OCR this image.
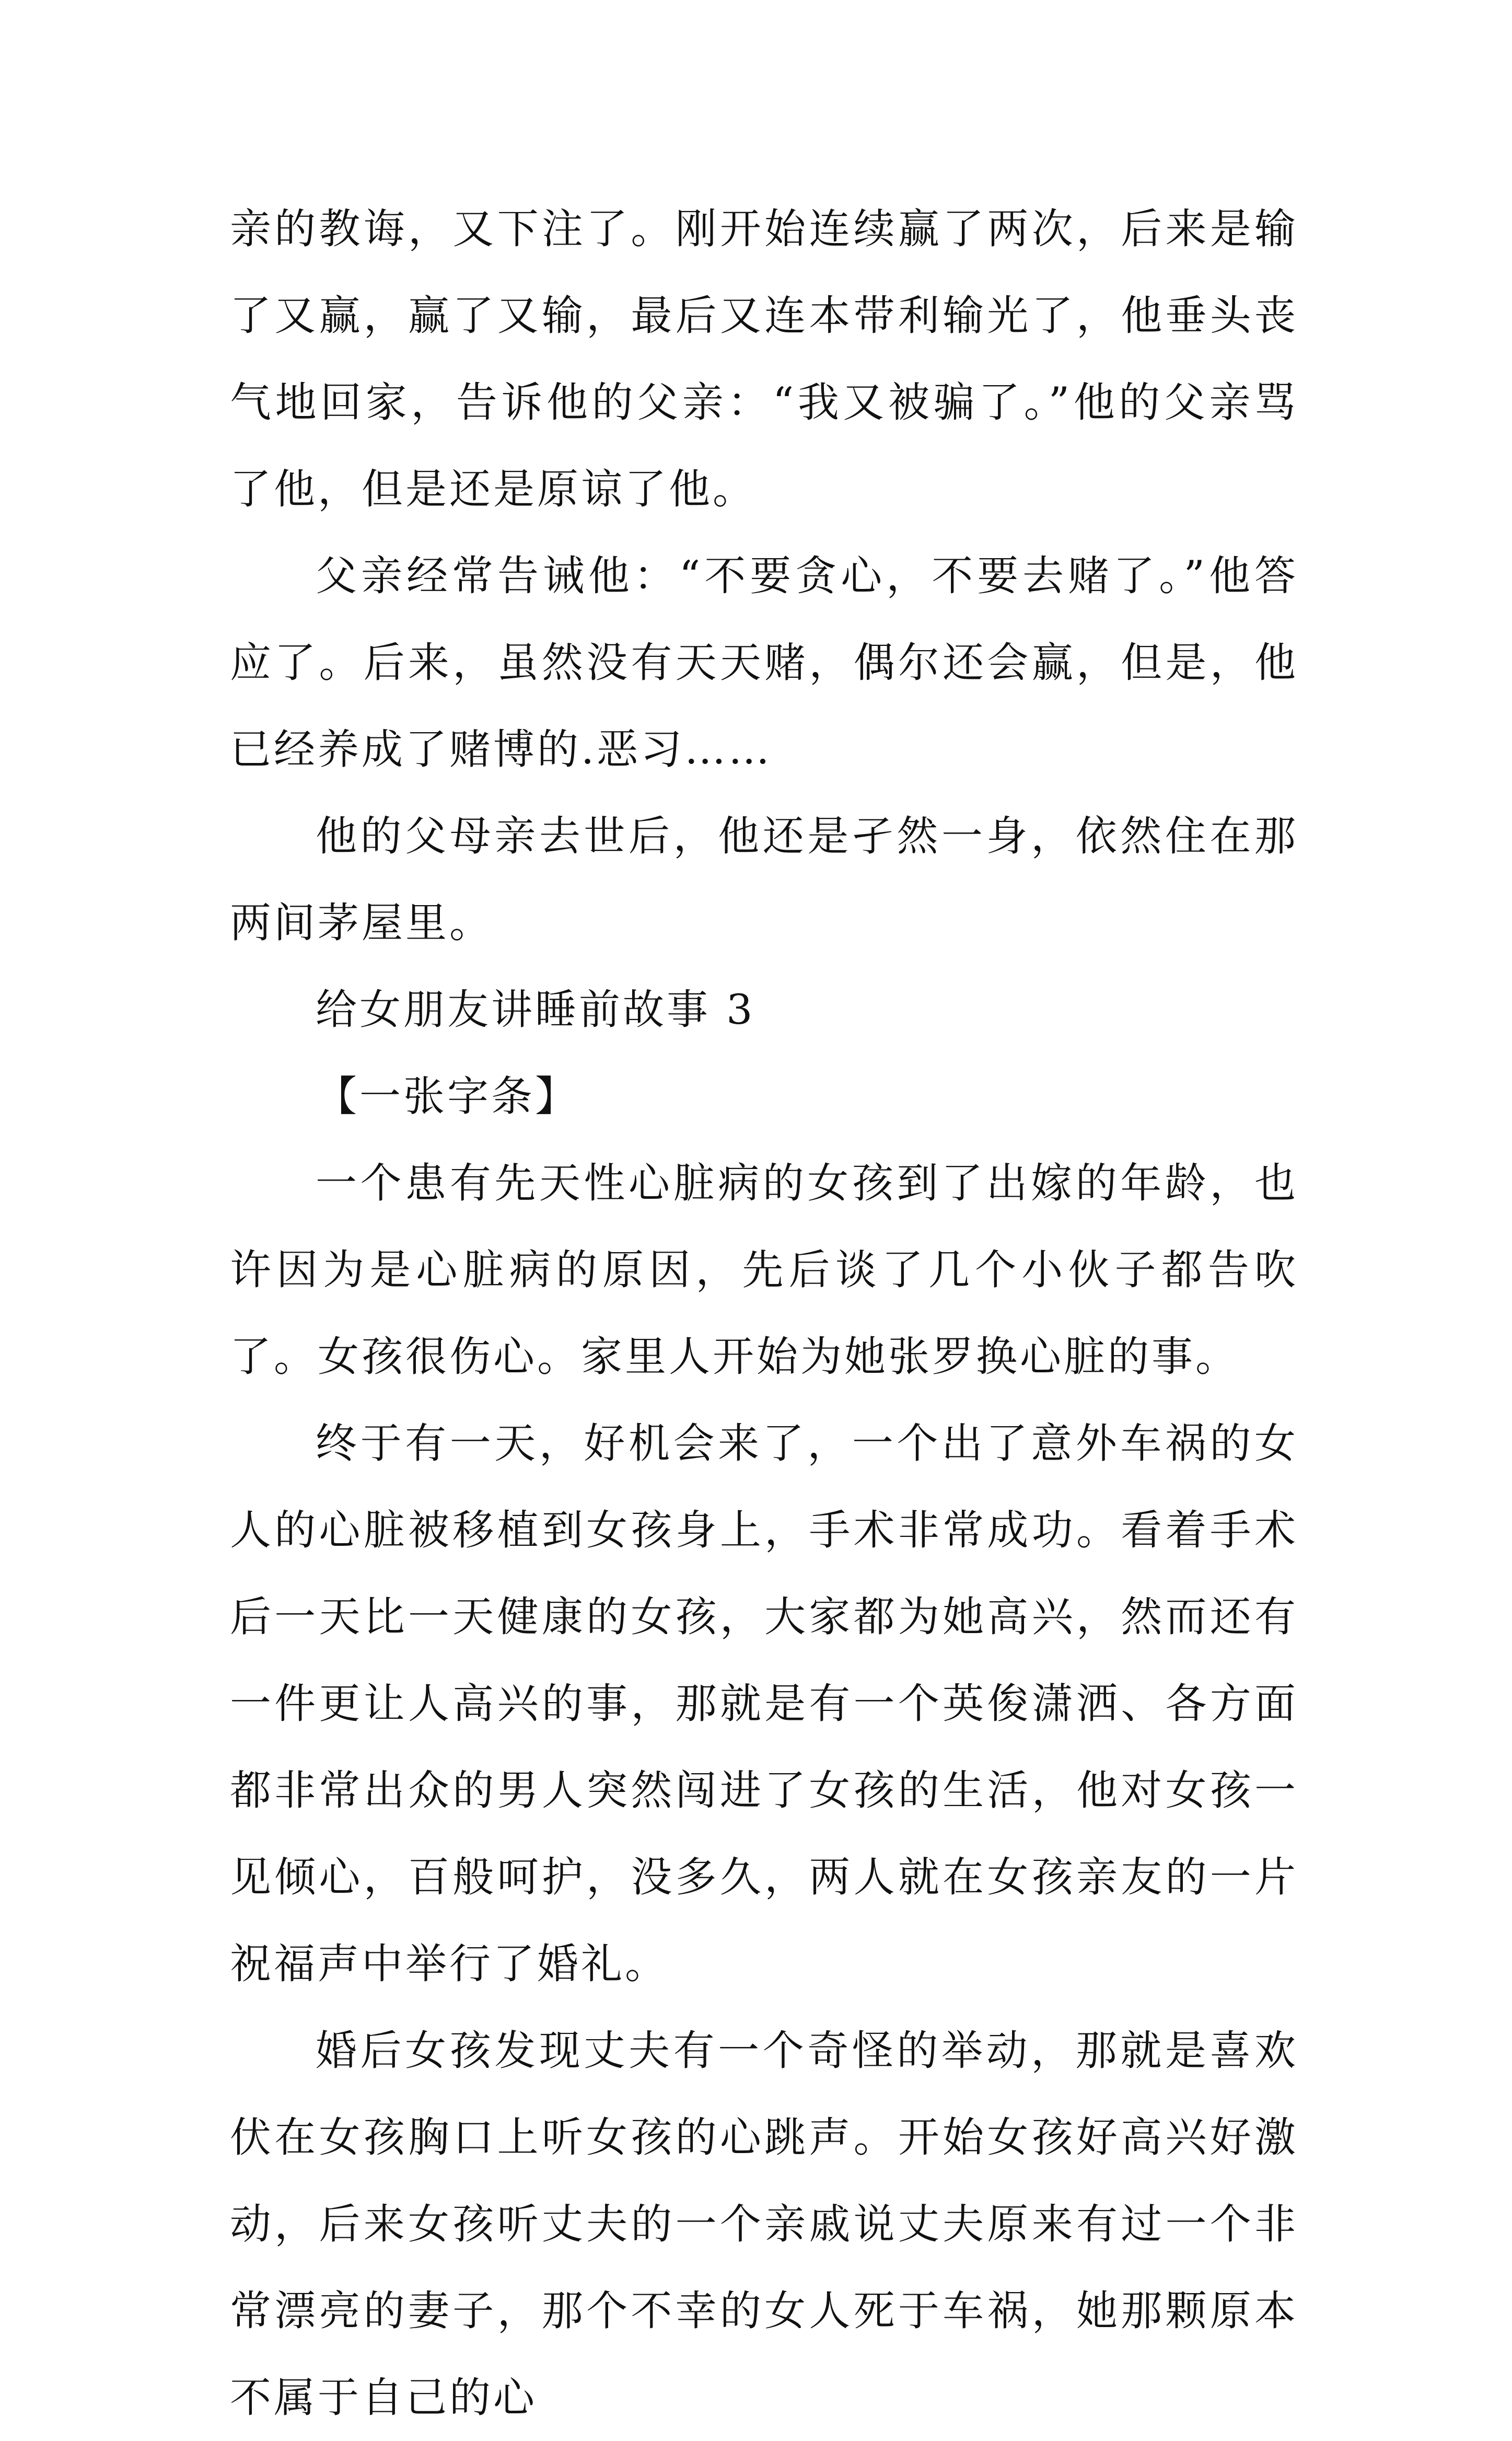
亲的教诲，又下注了。刚开始连续赢了两次，后来是输了又赢，赢了又输，最后又连本带利输光了，他垂头丧气地回家，告诉他的父亲：“我又被骗了。”他的父亲骂了他，但是还是原谅了他。

父亲经常告诫他：“不要贪心，不要去赌了。”他答应了。后来，虽然没有天天赌，偶尔还会赢，但是，他已经养成了赌博的.恶习……

他的父母亲去世后，他还是孑然一身，依然住在那两间茅屋里。

给女朋友讲睡前故事 3

【一张字条】

一个患有先天性心脏病的女孩到了出嫁的年龄，也许因为是心脏病的原因，先后谈了几个小伙子都告吹了。女孩很伤心。家里人开始为她张罗换心脏的事。

终于有一天，好机会来了，一个出了意外车祸的女人的心脏被移植到女孩身上，手术非常成功。看着手术后一天比一天健康的女孩，大家都为她高兴，然而还有一件更让人高兴的事，那就是有一个英俊潇洒、各方面都非常出众的男人突然闯进了女孩的生活，他对女孩一见倾心，百般呵护，没多久，两人就在女孩亲友的一片祝福声中举行了婚礼。

婚后女孩发现丈夫有一个奇怪的举动，那就是喜欢伏在女孩胸口上听女孩的心跳声。开始女孩好高兴好激动，后来女孩听丈夫的一个亲戚说丈夫原来有过一个非常漂亮的妻子，那个不幸的女人死于车祸，她那颗原本不属于自己的心
